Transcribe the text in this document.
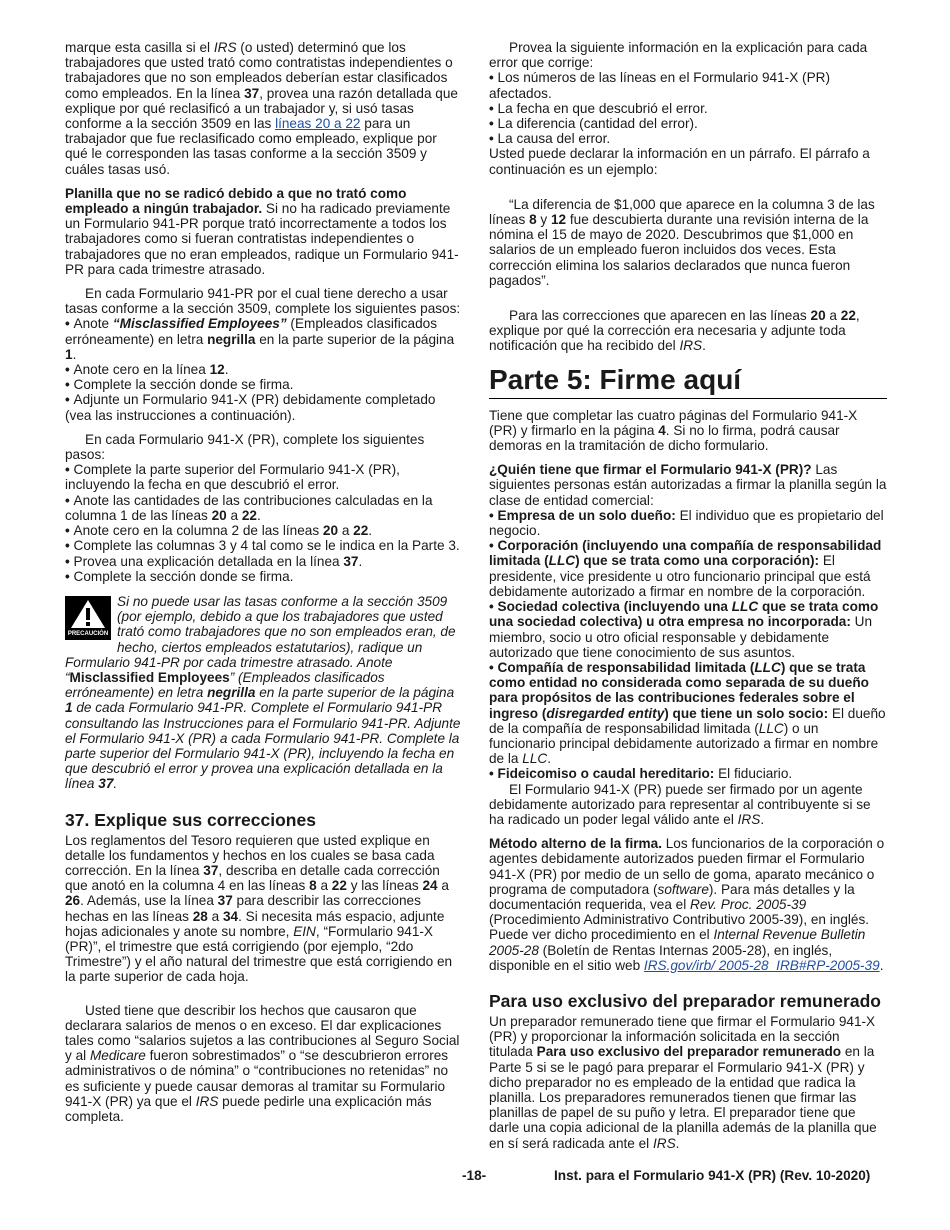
marque esta casilla si el IRS (o usted) determinó que los trabajadores que usted trató como contratistas independientes o trabajadores que no son empleados deberían estar clasificados como empleados. En la línea 37, provea una razón detallada que explique por qué reclasificó a un trabajador y, si usó tasas conforme a la sección 3509 en las líneas 20 a 22 para un trabajador que fue reclasificado como empleado, explique por qué le corresponden las tasas conforme a la sección 3509 y cuáles tasas usó.

Planilla que no se radicó debido a que no trató como empleado a ningún trabajador. Si no ha radicado previamente un Formulario 941-PR porque trató incorrectamente a todos los trabajadores como si fueran contratistas independientes o trabajadores que no eran empleados, radique un Formulario 941-PR para cada trimestre atrasado.

En cada Formulario 941-PR por el cual tiene derecho a usar tasas conforme a la sección 3509, complete los siguientes pasos:

• Anote “Misclassified Employees” (Empleados clasificados erróneamente) en letra negrilla en la parte superior de la página 1.

• Anote cero en la línea 12.

• Complete la sección donde se firma.

• Adjunte un Formulario 941-X (PR) debidamente completado (vea las instrucciones a continuación).

En cada Formulario 941-X (PR), complete los siguientes pasos:

• Complete la parte superior del Formulario 941-X (PR), incluyendo la fecha en que descubrió el error.

• Anote las cantidades de las contribuciones calculadas en la columna 1 de las líneas 20 a 22.

• Anote cero en la columna 2 de las líneas 20 a 22.

• Complete las columnas 3 y 4 tal como se le indica en la Parte 3.

• Provea una explicación detallada en la línea 37.

• Complete la sección donde se firma.

PRECAUCIÓN
Si no puede usar las tasas conforme a la sección 3509 (por ejemplo, debido a que los trabajadores que usted trató como trabajadores que no son empleados eran, de hecho, ciertos empleados estatutarios), radique un Formulario 941-PR por cada trimestre atrasado. Anote “Misclassified Employees” (Empleados clasificados erróneamente) en letra negrilla en la parte superior de la página 1 de cada Formulario 941-PR. Complete el Formulario 941-PR consultando las Instrucciones para el Formulario 941-PR. Adjunte el Formulario 941-X (PR) a cada Formulario 941-PR. Complete la parte superior del Formulario 941-X (PR), incluyendo la fecha en que descubrió el error y provea una explicación detallada en la línea 37.
37. Explique sus correcciones

Los reglamentos del Tesoro requieren que usted explique en detalle los fundamentos y hechos en los cuales se basa cada corrección. En la línea 37, describa en detalle cada corrección que anotó en la columna 4 en las líneas 8 a 22 y las líneas 24 a 26. Además, use la línea 37 para describir las correcciones hechas en las líneas 28 a 34. Si necesita más espacio, adjunte hojas adicionales y anote su nombre, EIN, “Formulario 941-X (PR)”, el trimestre que está corrigiendo (por ejemplo, “2do Trimestre”) y el año natural del trimestre que está corrigiendo en la parte superior de cada hoja.

Usted tiene que describir los hechos que causaron que declarara salarios de menos o en exceso. El dar explicaciones tales como “salarios sujetos a las contribuciones al Seguro Social y al Medicare fueron sobrestimados” o “se descubrieron errores administrativos o de nómina” o “contribuciones no retenidas” no es suficiente y puede causar demoras al tramitar su Formulario 941-X (PR) ya que el IRS puede pedirle una explicación más completa.

Provea la siguiente información en la explicación para cada error que corrige:

• Los números de las líneas en el Formulario 941-X (PR) afectados.

• La fecha en que descubrió el error.

• La diferencia (cantidad del error).

• La causa del error.

Usted puede declarar la información en un párrafo. El párrafo a continuación es un ejemplo:

“La diferencia de $1,000 que aparece en la columna 3 de las líneas 8 y 12 fue descubierta durante una revisión interna de la nómina el 15 de mayo de 2020. Descubrimos que $1,000 en salarios de un empleado fueron incluidos dos veces. Esta corrección elimina los salarios declarados que nunca fueron pagados”.

Para las correcciones que aparecen en las líneas 20 a 22, explique por qué la corrección era necesaria y adjunte toda notificación que ha recibido del IRS.

Parte 5: Firme aquí

Tiene que completar las cuatro páginas del Formulario 941-X (PR) y firmarlo en la página 4. Si no lo firma, podrá causar demoras en la tramitación de dicho formulario.

¿Quién tiene que firmar el Formulario 941-X (PR)? Las siguientes personas están autorizadas a firmar la planilla según la clase de entidad comercial:

• Empresa de un solo dueño: El individuo que es propietario del negocio.

• Corporación (incluyendo una compañía de responsabilidad limitada (LLC) que se trata como una corporación): El presidente, vice presidente u otro funcionario principal que está debidamente autorizado a firmar en nombre de la corporación.

• Sociedad colectiva (incluyendo una LLC que se trata como una sociedad colectiva) u otra empresa no incorporada: Un miembro, socio u otro oficial responsable y debidamente autorizado que tiene conocimiento de sus asuntos.

• Compañía de responsabilidad limitada (LLC) que se trata como entidad no considerada como separada de su dueño para propósitos de las contribuciones federales sobre el ingreso (disregarded entity) que tiene un solo socio: El dueño de la compañía de responsabilidad limitada (LLC) o un funcionario principal debidamente autorizado a firmar en nombre de la LLC.

• Fideicomiso o caudal hereditario: El fiduciario.

El Formulario 941-X (PR) puede ser firmado por un agente debidamente autorizado para representar al contribuyente si se ha radicado un poder legal válido ante el IRS.

Método alterno de la firma. Los funcionarios de la corporación o agentes debidamente autorizados pueden firmar el Formulario 941-X (PR) por medio de un sello de goma, aparato mecánico o programa de computadora (software). Para más detalles y la documentación requerida, vea el Rev. Proc. 2005-39 (Procedimiento Administrativo Contributivo 2005-39), en inglés. Puede ver dicho procedimiento en el Internal Revenue Bulletin 2005-28 (Boletín de Rentas Internas 2005-28), en inglés, disponible en el sitio web IRS.gov/irb/ 2005-28_IRB#RP-2005-39.

Para uso exclusivo del preparador remunerado

Un preparador remunerado tiene que firmar el Formulario 941-X (PR) y proporcionar la información solicitada en la sección titulada Para uso exclusivo del preparador remunerado en la Parte 5 si se le pagó para preparar el Formulario 941-X (PR) y dicho preparador no es empleado de la entidad que radica la planilla. Los preparadores remunerados tienen que firmar las planillas de papel de su puño y letra. El preparador tiene que darle una copia adicional de la planilla además de la planilla que en sí será radicada ante el IRS.

-18-	Inst. para el Formulario 941-X (PR) (Rev. 10-2020)
